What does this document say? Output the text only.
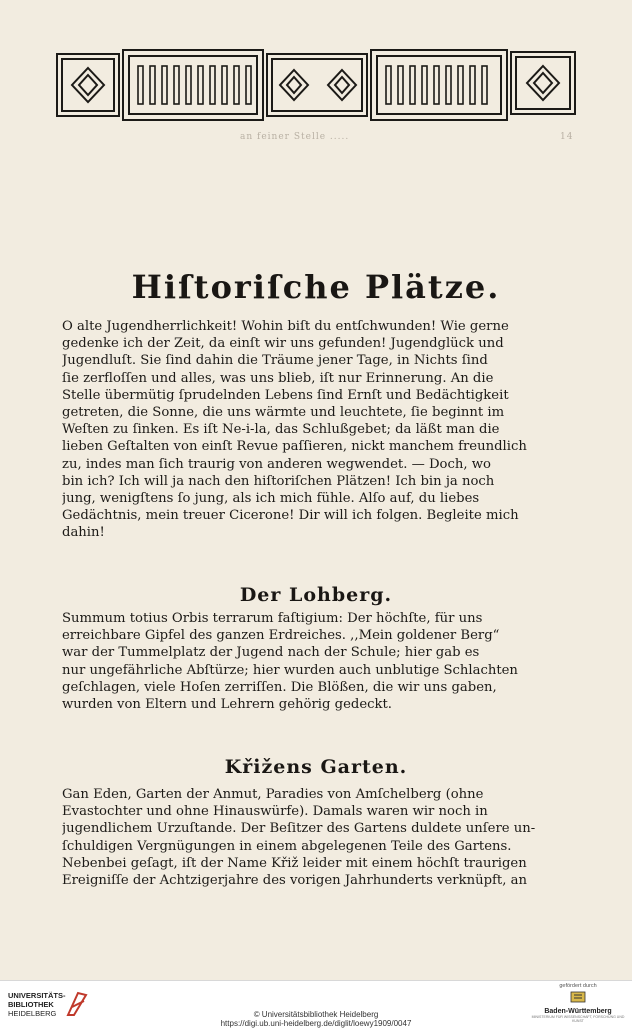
an feiner Stelle .....	14
Hiſtoriſche Plätze.
O alte Jugendherrlichkeit! Wohin biſt du entſchwunden! Wie gerne
gedenke ich der Zeit, da einſt wir uns gefunden! Jugendglück und
Jugendluſt. Sie ſind dahin die Träume jener Tage, in Nichts ſind
ſie zerfloſſen und alles, was uns blieb, iſt nur Erinnerung. An die
Stelle übermütig ſprudelnden Lebens ſind Ernſt und Bedächtigkeit
getreten, die Sonne, die uns wärmte und leuchtete, ſie beginnt im
Weſten zu ſinken. Es iſt Ne-i-la, das Schlußgebet; da läßt man die
lieben Geſtalten von einſt Revue paſſieren, nickt manchem freundlich
zu, indes man ſich traurig von anderen wegwendet. — Doch, wo
bin ich? Ich will ja nach den hiſtoriſchen Plätzen! Ich bin ja noch
jung, wenigſtens ſo jung, als ich mich fühle. Alſo auf, du liebes
Gedächtnis, mein treuer Cicerone! Dir will ich folgen. Begleite mich
dahin!
Der Lohberg.
Summum totius Orbis terrarum faſtigium: Der höchſte, für uns
erreichbare Gipfel des ganzen Erdreiches. ,,Mein goldener Berg“
war der Tummelplatz der Jugend nach der Schule; hier gab es
nur ungefährliche Abſtürze; hier wurden auch unblutige Schlachten
geſchlagen, viele Hoſen zerriſſen. Die Blößen, die wir uns gaben,
wurden von Eltern und Lehrern gehörig gedeckt.
Křižens Garten.
Gan Eden, Garten der Anmut, Paradies von Amſchelberg (ohne
Evastochter und ohne Hinauswürfe). Damals waren wir noch in
jugendlichem Urzuſtande. Der Beſitzer des Gartens duldete unſere un-
ſchuldigen Vergnügungen in einem abgelegenen Teile des Gartens.
Nebenbei geſagt, iſt der Name Křiž leider mit einem höchſt traurigen
Ereigniſſe der Achtzigerjahre des vorigen Jahrhunderts verknüpft, an
UNIVERSITÄTS-
BIBLIOTHEK
HEIDELBERG	© Universitätsbibliothek Heidelberg
https://digi.ub.uni-heidelberg.de/diglit/loewy1909/0047
gefördert durch
Baden-Württemberg
MINISTERIUM FÜR WISSENSCHAFT, FORSCHUNG UND KUNST
